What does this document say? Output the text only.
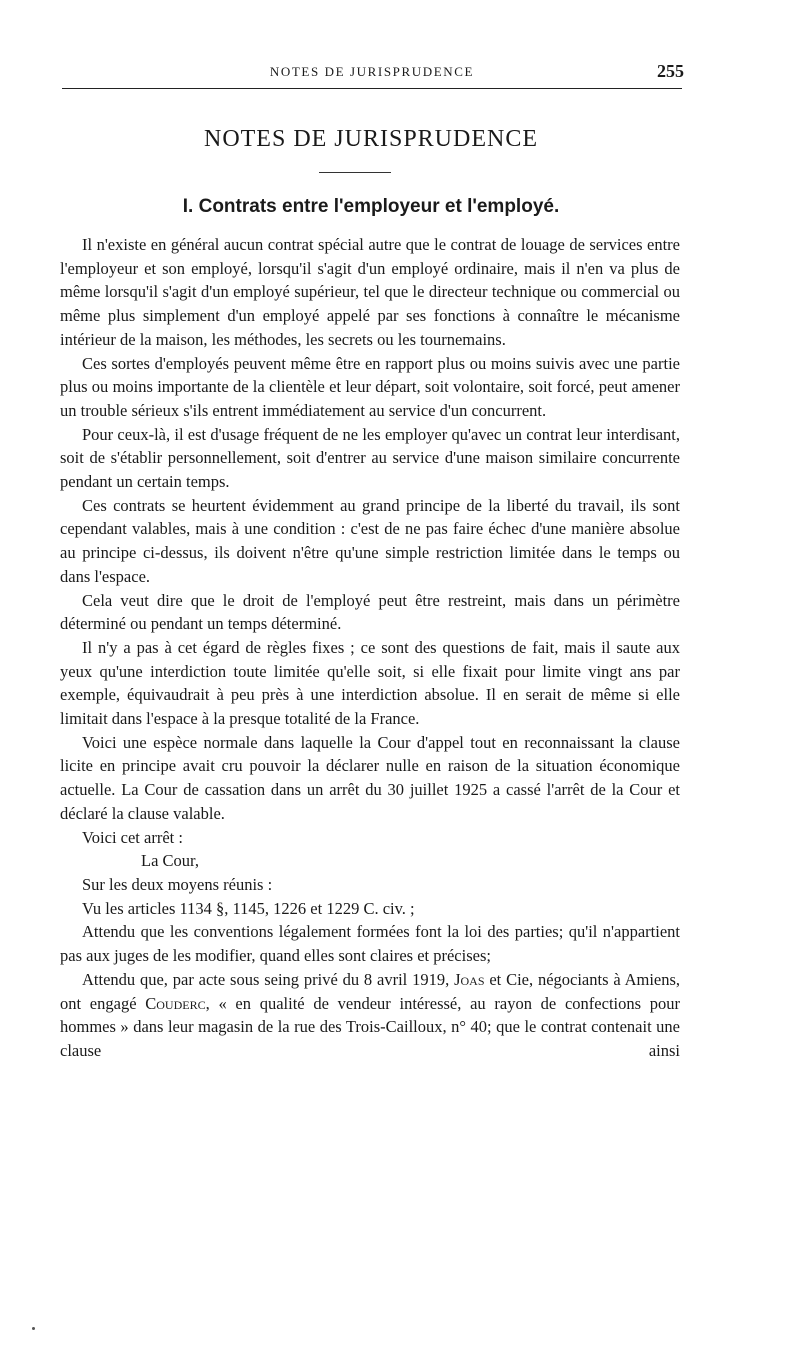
NOTES DE JURISPRUDENCE	255
NOTES DE JURISPRUDENCE
I. Contrats entre l'employeur et l'employé.

Il n'existe en général aucun contrat spécial autre que le contrat de louage de services entre l'employeur et son employé, lorsqu'il s'agit d'un employé ordinaire, mais il n'en va plus de même lorsqu'il s'agit d'un employé supérieur, tel que le directeur technique ou commercial ou même plus simplement d'un employé appelé par ses fonctions à connaître le mécanisme intérieur de la maison, les méthodes, les secrets ou les tournemains.

Ces sortes d'employés peuvent même être en rapport plus ou moins suivis avec une partie plus ou moins importante de la clientèle et leur départ, soit volontaire, soit forcé, peut amener un trouble sérieux s'ils entrent immédiatement au service d'un concurrent.

Pour ceux-là, il est d'usage fréquent de ne les employer qu'avec un contrat leur interdisant, soit de s'établir personnellement, soit d'entrer au service d'une maison similaire concurrente pendant un certain temps.

Ces contrats se heurtent évidemment au grand principe de la liberté du travail, ils sont cependant valables, mais à une condition : c'est de ne pas faire échec d'une manière absolue au principe ci-dessus, ils doivent n'être qu'une simple restriction limitée dans le temps ou dans l'espace.

Cela veut dire que le droit de l'employé peut être restreint, mais dans un périmètre déterminé ou pendant un temps déterminé.

Il n'y a pas à cet égard de règles fixes ; ce sont des questions de fait, mais il saute aux yeux qu'une interdiction toute limitée qu'elle soit, si elle fixait pour limite vingt ans par exemple, équivaudrait à peu près à une interdiction absolue. Il en serait de même si elle limitait dans l'espace à la presque totalité de la France.

Voici une espèce normale dans laquelle la Cour d'appel tout en reconnaissant la clause licite en principe avait cru pouvoir la déclarer nulle en raison de la situation économique actuelle. La Cour de cassation dans un arrêt du 30 juillet 1925 a cassé l'arrêt de la Cour et déclaré la clause valable.

Voici cet arrêt :

La Cour,

Sur les deux moyens réunis :

Vu les articles 1134 §, 1145, 1226 et 1229 C. civ. ;

Attendu que les conventions légalement formées font la loi des parties; qu'il n'appartient pas aux juges de les modifier, quand elles sont claires et précises;

Attendu que, par acte sous seing privé du 8 avril 1919, Joas et Cie, négociants à Amiens, ont engagé Couderc, « en qualité de vendeur intéressé, au rayon de confections pour hommes » dans leur magasin de la rue des Trois-Cailloux, n° 40; que le contrat contenait une clause ainsi
